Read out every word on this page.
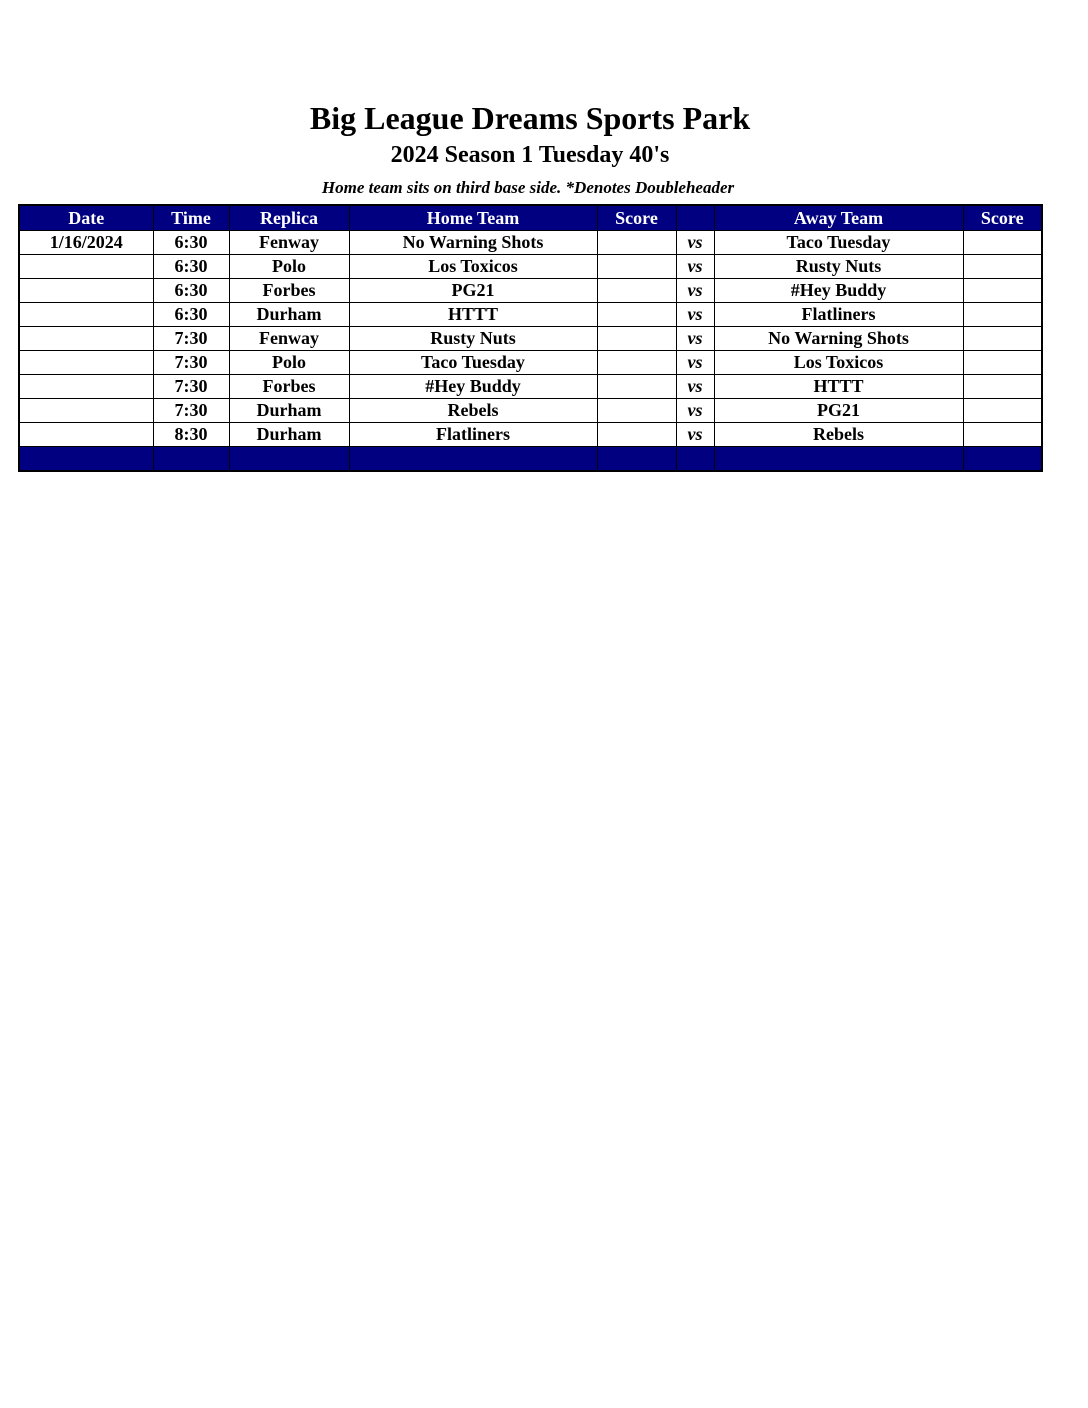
Big League Dreams Sports Park
2024 Season 1 Tuesday 40's
Home team sits on third base side. *Denotes Doubleheader
Date	Time	Replica	Home Team	Score		Away Team	Score
1/16/2024	6:30	Fenway	No Warning Shots		vs	Taco Tuesday	
	6:30	Polo	Los Toxicos		vs	Rusty Nuts	
	6:30	Forbes	PG21		vs	#Hey Buddy	
	6:30	Durham	HTTT		vs	Flatliners	
	7:30	Fenway	Rusty Nuts		vs	No Warning Shots	
	7:30	Polo	Taco Tuesday		vs	Los Toxicos	
	7:30	Forbes	#Hey Buddy		vs	HTTT	
	7:30	Durham	Rebels		vs	PG21	
	8:30	Durham	Flatliners		vs	Rebels	
